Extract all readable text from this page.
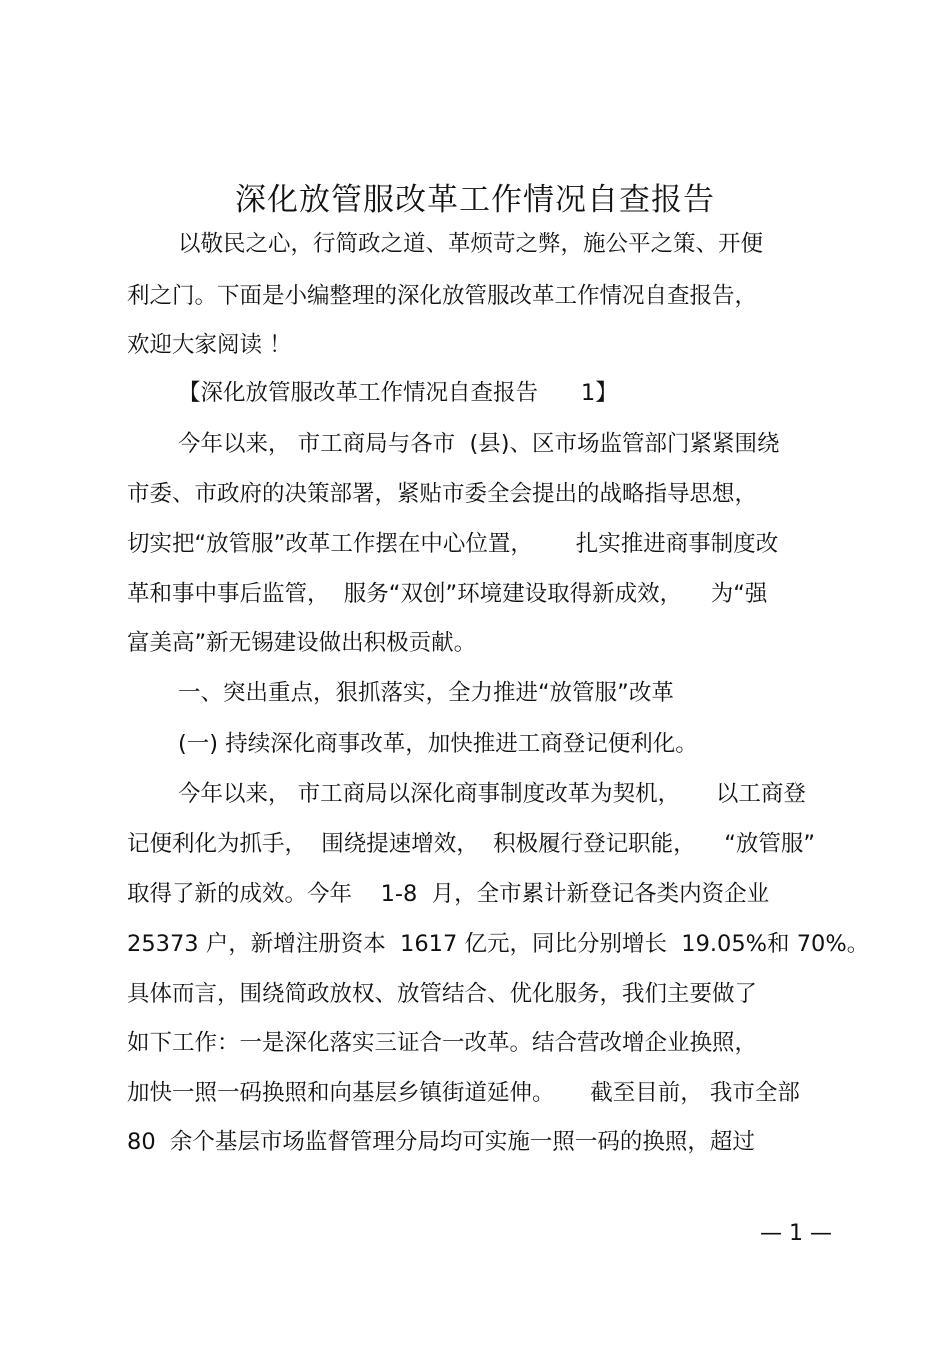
深化放管服改革工作情况自查报告
以敬民之心，行简政之道、革烦苛之弊，施公平之策、开便
利之门。下面是小编整理的深化放管服改革工作情况自查报告，
欢迎大家阅读 ！
【深化放管服改革工作情况自查报告      1】
今年以来， 市工商局与各市  (县)、区市场监管部门紧紧围绕
市委、市政府的决策部署，紧贴市委全会提出的战略指导思想，
切实把“放管服”改革工作摆在中心位置，      扎实推进商事制度改
革和事中事后监管，  服务“双创”环境建设取得新成效，    为“强
富美高”新无锡建设做出积极贡献。
一、突出重点，狠抓落实，全力推进“放管服”改革
(一) 持续深化商事改革，加快推进工商登记便利化。
今年以来， 市工商局以深化商事制度改革为契机，     以工商登
记便利化为抓手，  围绕提速增效，  积极履行登记职能，    “放管服”
取得了新的成效。今年    1-8  月，全市累计新登记各类内资企业
25373 户，新增注册资本  1617 亿元，同比分别增长  19.05%和 70%。
具体而言，围绕简政放权、放管结合、优化服务，我们主要做了
如下工作：一是深化落实三证合一改革。结合营改增企业换照，
加快一照一码换照和向基层乡镇街道延伸。     截至目前， 我市全部
80  余个基层市场监督管理分局均可实施一照一码的换照，超过
— 1 —
